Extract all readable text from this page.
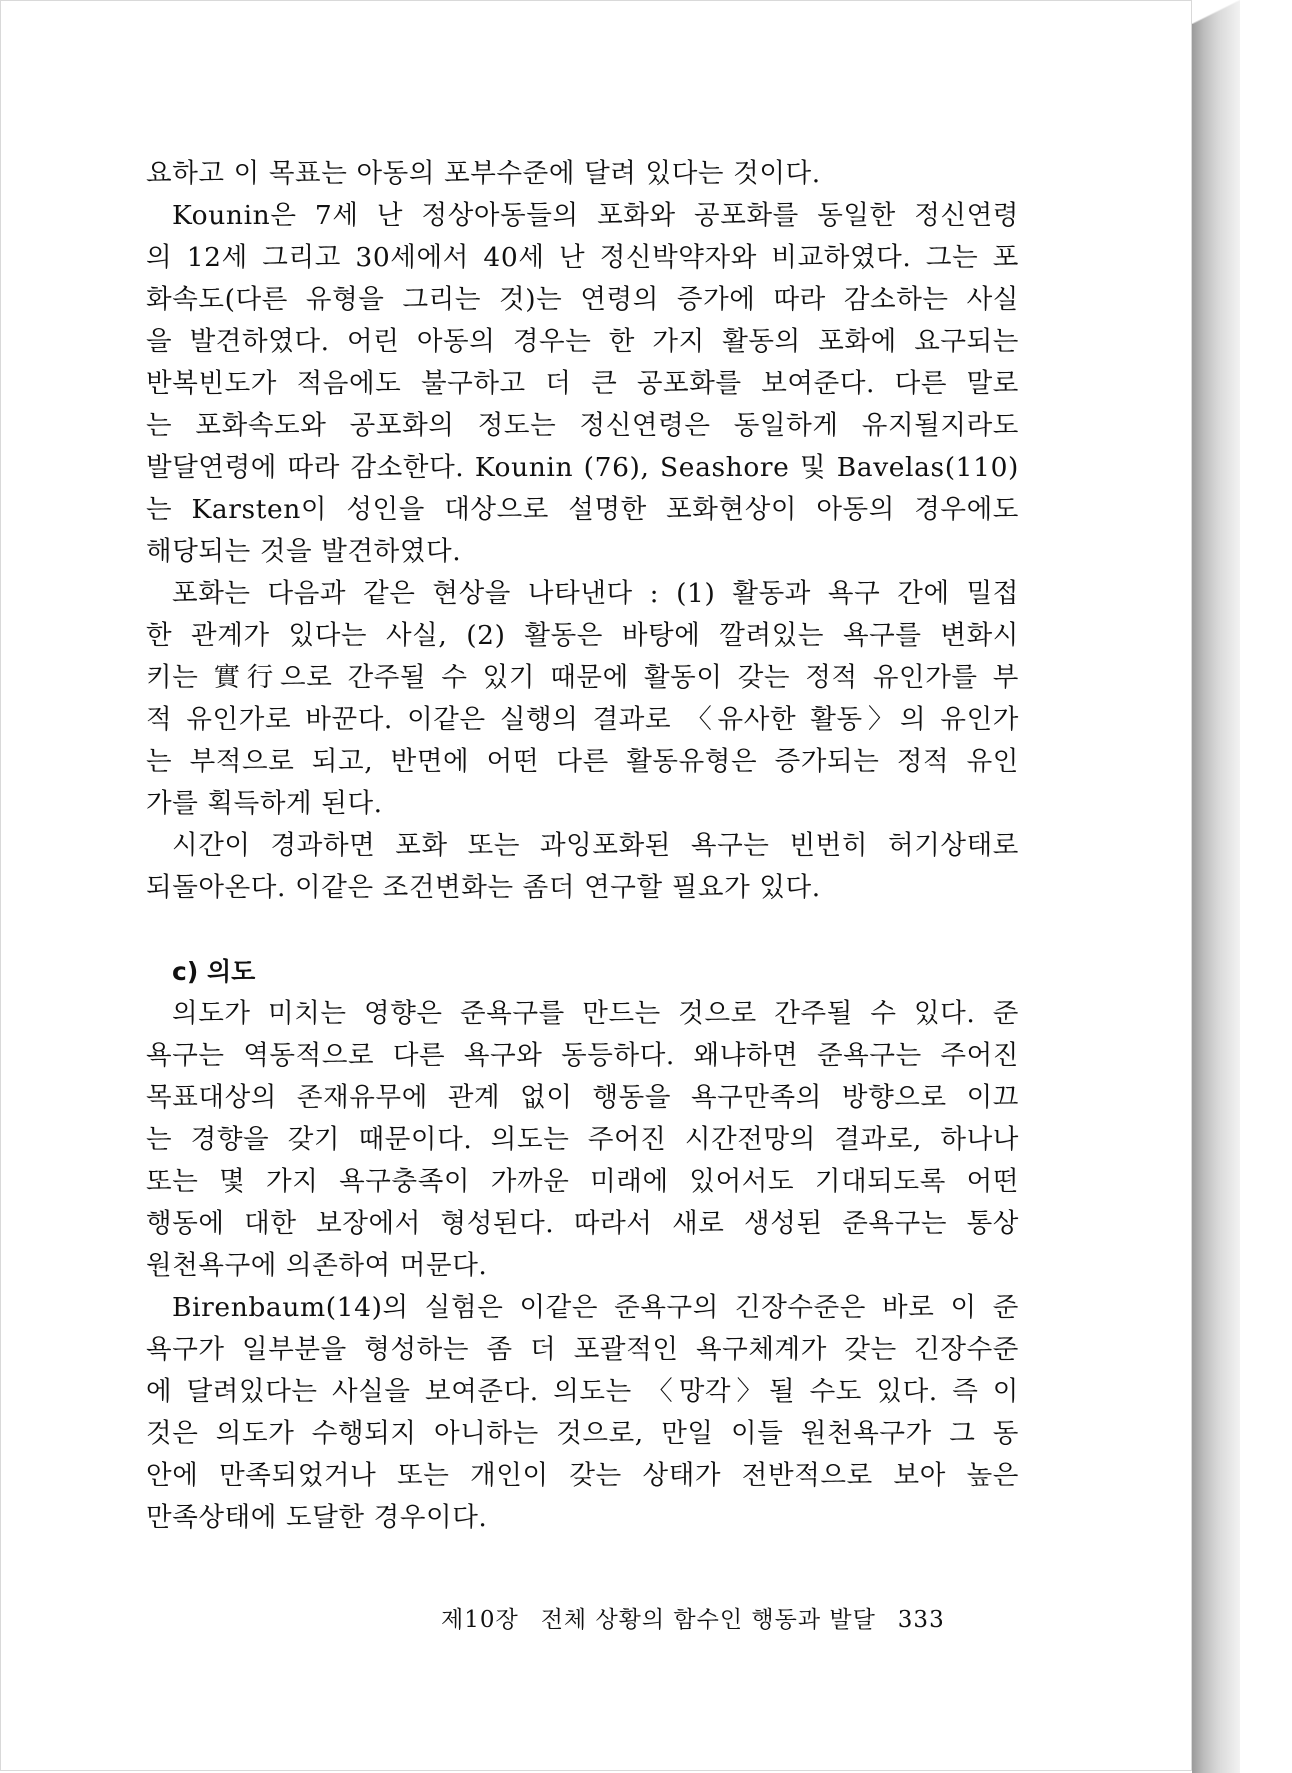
요하고 이 목표는 아동의 포부수준에 달려 있다는 것이다.
Kounin은 7세 난 정상아동들의 포화와 공포화를 동일한 정신연령
의 12세 그리고 30세에서 40세 난 정신박약자와 비교하였다. 그는 포
화속도(다른 유형을 그리는 것)는 연령의 증가에 따라 감소하는 사실
을 발견하였다. 어린 아동의 경우는 한 가지 활동의 포화에 요구되는
반복빈도가 적음에도 불구하고 더 큰 공포화를 보여준다. 다른 말로
는 포화속도와 공포화의 정도는 정신연령은 동일하게 유지될지라도
발달연령에 따라 감소한다. Kounin (76), Seashore 및 Bavelas(110)
는 Karsten이 성인을 대상으로 설명한 포화현상이 아동의 경우에도
해당되는 것을 발견하였다.
포화는 다음과 같은 현상을 나타낸다 : (1) 활동과 욕구 간에 밀접
한 관계가 있다는 사실, (2) 활동은 바탕에 깔려있는 욕구를 변화시
키는 實行으로 간주될 수 있기 때문에 활동이 갖는 정적 유인가를 부
적 유인가로 바꾼다. 이같은 실행의 결과로 〈유사한 활동〉의 유인가
는 부적으로 되고, 반면에 어떤 다른 활동유형은 증가되는 정적 유인
가를 획득하게 된다.
시간이 경과하면 포화 또는 과잉포화된 욕구는 빈번히 허기상태로
되돌아온다. 이같은 조건변화는 좀더 연구할 필요가 있다.
c) 의도
의도가 미치는 영향은 준욕구를 만드는 것으로 간주될 수 있다. 준
욕구는 역동적으로 다른 욕구와 동등하다. 왜냐하면 준욕구는 주어진
목표대상의 존재유무에 관계 없이 행동을 욕구만족의 방향으로 이끄
는 경향을 갖기 때문이다. 의도는 주어진 시간전망의 결과로, 하나나
또는 몇 가지 욕구충족이 가까운 미래에 있어서도 기대되도록 어떤
행동에 대한 보장에서 형성된다. 따라서 새로 생성된 준욕구는 통상
원천욕구에 의존하여 머문다.
Birenbaum(14)의 실험은 이같은 준욕구의 긴장수준은 바로 이 준
욕구가 일부분을 형성하는 좀 더 포괄적인 욕구체계가 갖는 긴장수준
에 달려있다는 사실을 보여준다. 의도는 〈망각〉될 수도 있다. 즉 이
것은 의도가 수행되지 아니하는 것으로, 만일 이들 원천욕구가 그 동
안에 만족되었거나 또는 개인이 갖는 상태가 전반적으로 보아 높은
만족상태에 도달한 경우이다.
제10장 전체 상황의 함수인 행동과 발달 333
